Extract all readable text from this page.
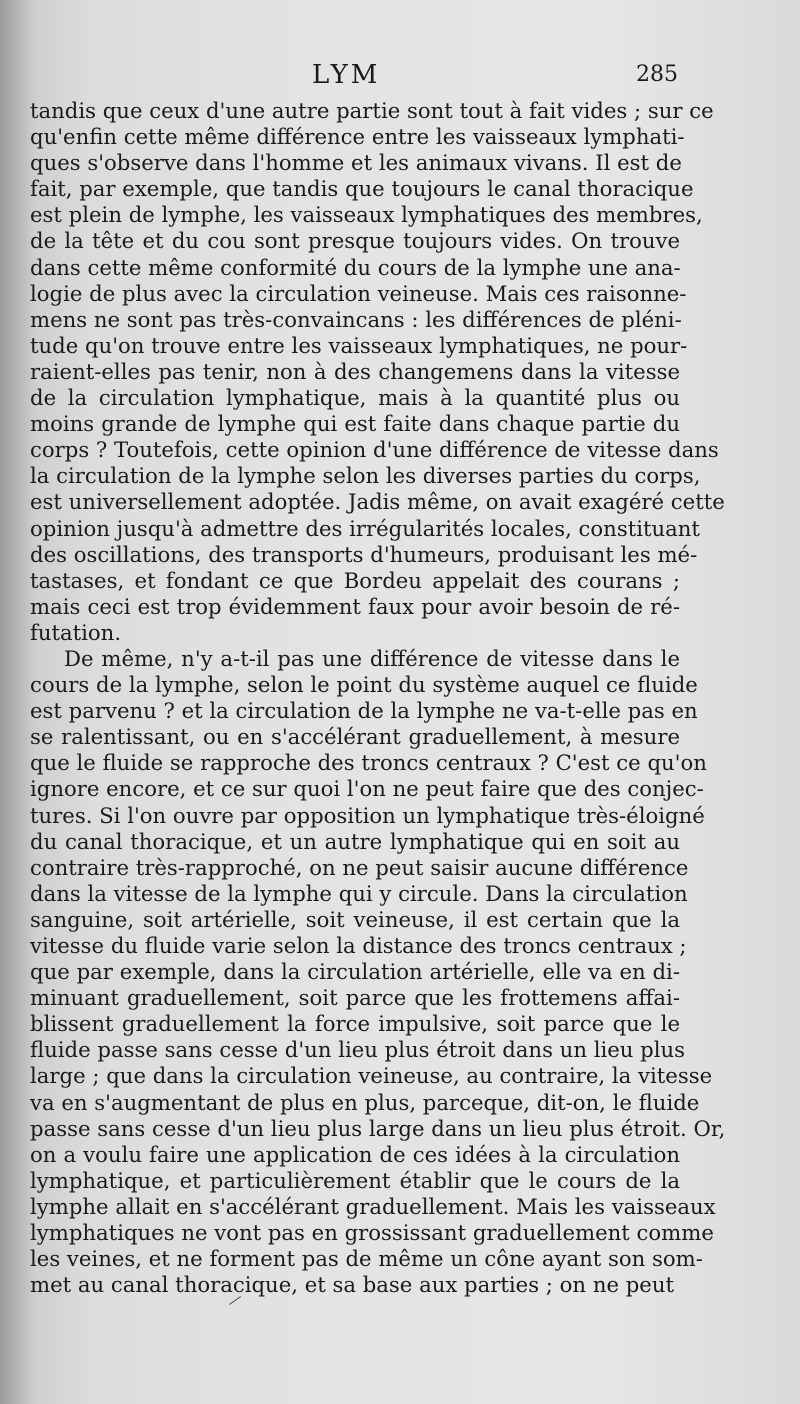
LYM	285
tandis que ceux d'une autre partie sont tout à fait vides ; sur ce
qu'enfin cette même différence entre les vaisseaux lymphati-
ques s'observe dans l'homme et les animaux vivans. Il est de
fait, par exemple, que tandis que toujours le canal thoracique
est plein de lymphe, les vaisseaux lymphatiques des membres,
de la tête et du cou sont presque toujours vides. On trouve
dans cette même conformité du cours de la lymphe une ana-
logie de plus avec la circulation veineuse. Mais ces raisonne-
mens ne sont pas très-convaincans : les différences de pléni-
tude qu'on trouve entre les vaisseaux lymphatiques, ne pour-
raient-elles pas tenir, non à des changemens dans la vitesse
de la circulation lymphatique, mais à la quantité plus ou
moins grande de lymphe qui est faite dans chaque partie du
corps ? Toutefois, cette opinion d'une différence de vitesse dans
la circulation de la lymphe selon les diverses parties du corps,
est universellement adoptée. Jadis même, on avait exagéré cette
opinion jusqu'à admettre des irrégularités locales, constituant
des oscillations, des transports d'humeurs, produisant les mé-
tastases, et fondant ce que Bordeu appelait des courans ;
mais ceci est trop évidemment faux pour avoir besoin de ré-
futation.
De même, n'y a-t-il pas une différence de vitesse dans le
cours de la lymphe, selon le point du système auquel ce fluide
est parvenu ? et la circulation de la lymphe ne va-t-elle pas en
se ralentissant, ou en s'accélérant graduellement, à mesure
que le fluide se rapproche des troncs centraux ? C'est ce qu'on
ignore encore, et ce sur quoi l'on ne peut faire que des conjec-
tures. Si l'on ouvre par opposition un lymphatique très-éloigné
du canal thoracique, et un autre lymphatique qui en soit au
contraire très-rapproché, on ne peut saisir aucune différence
dans la vitesse de la lymphe qui y circule. Dans la circulation
sanguine, soit artérielle, soit veineuse, il est certain que la
vitesse du fluide varie selon la distance des troncs centraux ;
que par exemple, dans la circulation artérielle, elle va en di-
minuant graduellement, soit parce que les frottemens affai-
blissent graduellement la force impulsive, soit parce que le
fluide passe sans cesse d'un lieu plus étroit dans un lieu plus
large ; que dans la circulation veineuse, au contraire, la vitesse
va en s'augmentant de plus en plus, parceque, dit-on, le fluide
passe sans cesse d'un lieu plus large dans un lieu plus étroit. Or,
on a voulu faire une application de ces idées à la circulation
lymphatique, et particulièrement établir que le cours de la
lymphe allait en s'accélérant graduellement. Mais les vaisseaux
lymphatiques ne vont pas en grossissant graduellement comme
les veines, et ne forment pas de même un cône ayant son som-
met au canal thoracique, et sa base aux parties ; on ne peut
